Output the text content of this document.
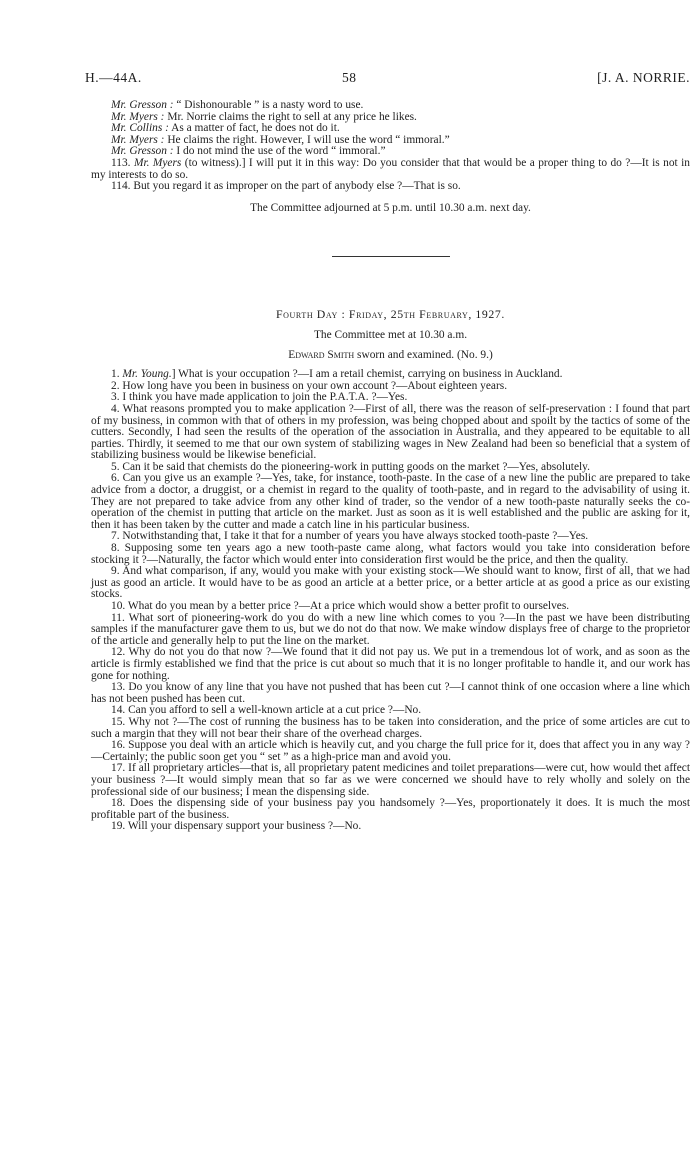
H.—44A.	58	[J. A. NORRIE.

Mr. Gresson : “ Dishonourable ” is a nasty word to use.

Mr. Myers : Mr. Norrie claims the right to sell at any price he likes.

Mr. Collins : As a matter of fact, he does not do it.

Mr. Myers : He claims the right. However, I will use the word “ immoral.”

Mr. Gresson : I do not mind the use of the word “ immoral.”

113. Mr. Myers (to witness).] I will put it in this way: Do you consider that that would be a proper thing to do ?—It is not in my interests to do so.

114. But you regard it as improper on the part of anybody else ?—That is so.

The Committee adjourned at 5 p.m. until 10.30 a.m. next day.

Fourth Day : Friday, 25th February, 1927.
The Committee met at 10.30 a.m.
Edward Smith sworn and examined. (No. 9.)

1. Mr. Young.] What is your occupation ?—I am a retail chemist, carrying on business in Auckland.

2. How long have you been in business on your own account ?—About eighteen years.

3. I think you have made application to join the P.A.T.A. ?—Yes.

4. What reasons prompted you to make application ?—First of all, there was the reason of self-preservation : I found that part of my business, in common with that of others in my profession, was being chopped about and spoilt by the tactics of some of the cutters. Secondly, I had seen the results of the operation of the association in Australia, and they appeared to be equitable to all parties. Thirdly, it seemed to me that our own system of stabilizing wages in New Zealand had been so beneficial that a system of stabilizing business would be likewise beneficial.

5. Can it be said that chemists do the pioneering-work in putting goods on the market ?—Yes, absolutely.

6. Can you give us an example ?—Yes, take, for instance, tooth-paste. In the case of a new line the public are prepared to take advice from a doctor, a druggist, or a chemist in regard to the quality of tooth-paste, and in regard to the advisability of using it. They are not prepared to take advice from any other kind of trader, so the vendor of a new tooth-paste naturally seeks the co-operation of the chemist in putting that article on the market. Just as soon as it is well established and the public are asking for it, then it has been taken by the cutter and made a catch line in his particular business.

7. Notwithstanding that, I take it that for a number of years you have always stocked tooth-paste ?—Yes.

8. Supposing some ten years ago a new tooth-paste came along, what factors would you take into consideration before stocking it ?—Naturally, the factor which would enter into consideration first would be the price, and then the quality.

9. And what comparison, if any, would you make with your existing stock—We should want to know, first of all, that we had just as good an article. It would have to be as good an article at a better price, or a better article at as good a price as our existing stocks.

10. What do you mean by a better price ?—At a price which would show a better profit to ourselves.

11. What sort of pioneering-work do you do with a new line which comes to you ?—In the past we have been distributing samples if the manufacturer gave them to us, but we do not do that now. We make window displays free of charge to the proprietor of the article and generally help to put the line on the market.

12. Why do not you do that now ?—We found that it did not pay us. We put in a tremendous lot of work, and as soon as the article is firmly established we find that the price is cut about so much that it is no longer profitable to handle it, and our work has gone for nothing.

13. Do you know of any line that you have not pushed that has been cut ?—I cannot think of one occasion where a line which has not been pushed has been cut.

14. Can you afford to sell a well-known article at a cut price ?—No.

15. Why not ?—The cost of running the business has to be taken into consideration, and the price of some articles are cut to such a margin that they will not bear their share of the overhead charges.

16. Suppose you deal with an article which is heavily cut, and you charge the full price for it, does that affect you in any way ?—Certainly; the public soon get you “ set ” as a high-price man and avoid you.

17. If all proprietary articles—that is, all proprietary patent medicines and toilet preparations—were cut, how would thet affect your business ?—It would simply mean that so far as we were concerned we should have to rely wholly and solely on the professional side of our business; I mean the dispensing side.

18. Does the dispensing side of your business pay you handsomely ?—Yes, proportionately it does. It is much the most profitable part of the business.

19. Will your dispensary support your business ?—No.
